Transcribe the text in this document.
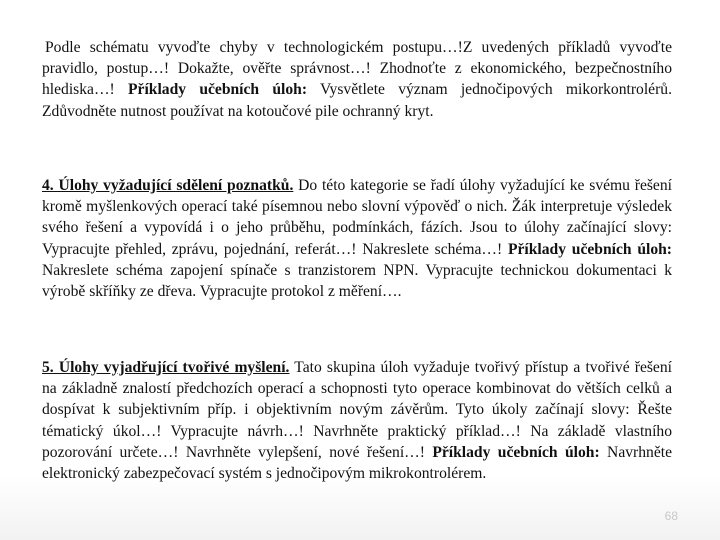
Podle schématu vyvoďte chyby v technologickém postupu…!Z uvedených příkladů vyvoďte pravidlo, postup…! Dokažte, ověřte správnost…! Zhodnoťte z ekonomického, bezpečnostního hlediska…! Příklady učebních úloh: Vysvětlete význam jednočipových mikorkontrolérů. Zdůvodněte nutnost používat na kotoučové pile ochranný kryt.

4. Úlohy vyžadující sdělení poznatků. Do této kategorie se řadí úlohy vyžadující ke svému řešení kromě myšlenkových operací také písemnou nebo slovní výpověď o nich. Žák interpretuje výsledek svého řešení a vypovídá i o jeho průběhu, podmínkách, fázích. Jsou to úlohy začínající slovy: Vypracujte přehled, zprávu, pojednání, referát…! Nakreslete schéma…! Příklady učebních úloh: Nakreslete schéma zapojení spínače s tranzistorem NPN. Vypracujte technickou dokumentaci k výrobě skříňky ze dřeva. Vypracujte protokol z měření….

5. Úlohy vyjadřující tvořivé myšlení. Tato skupina úloh vyžaduje tvořivý přístup a tvořivé řešení na základně znalostí předchozích operací a schopnosti tyto operace kombinovat do větších celků a dospívat k subjektivním příp. i objektivním novým závěrům. Tyto úkoly začínají slovy: Řešte tématický úkol…! Vypracujte návrh…! Navrhněte praktický příklad…! Na základě vlastního pozorování určete…! Navrhněte vylepšení, nové řešení…! Příklady učebních úloh: Navrhněte elektronický zabezpečovací systém s jednočipovým mikrokontrolérem.

68
